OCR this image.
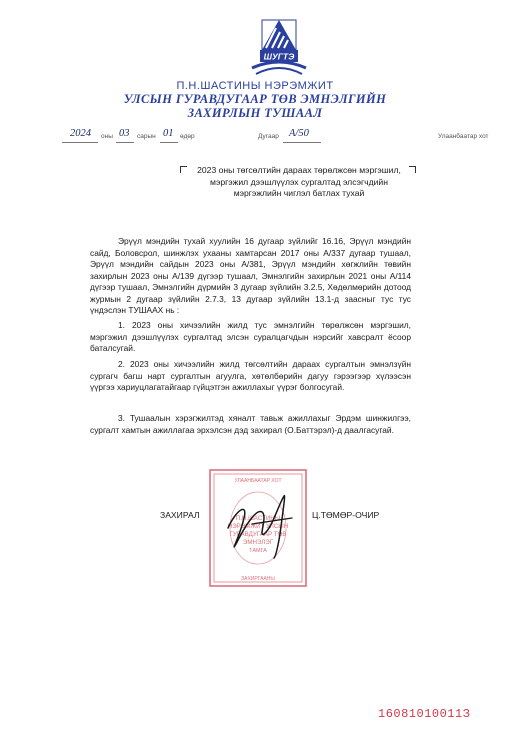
ШУГТЭ
П.Н.ШАСТИНЫ НЭРЭМЖИТ
УЛСЫН ГУРАВДУГААР ТӨВ ЭМНЭЛГИЙН
ЗАХИРЛЫН ТУШААЛ
2024 оны 03 сарын 01 өдөр	Дугаар А/50	Улаанбаатар хот
2023 оны төгсөлтийн дараах төрөлжсөн мэргэшил, мэргэжил дээшлүүлэх сургалтад элсэгчдийн мэргэжлийн чиглэл батлах тухай
Эрүүл мэндийн тухай хуулийн 16 дугаар зүйлийг 16.16, Эрүүл мэндийн сайд, Боловсрол, шинжлэх ухааны хамтарсан 2017 оны А/337 дугаар тушаал, Эрүүл мэндийн сайдын 2023 оны А/381, Эрүүл мэндийн хөгжлийн төвийн захирлын 2023 оны А/139 дүгээр тушаал, Эмнэлгийн захирлын 2021 оны А/114 дүгээр тушаал, Эмнэлгийн дүрмийн 3 дугаар зүйлийн 3.2.5, Хөдөлмөрийн дотоод журмын 2 дугаар зүйлийн 2.7.3, 13 дугаар зүйлийн 13.1-д заасныг тус тус үндэслэн ТУШААХ нь :
1. 2023 оны хичээлийн жилд тус эмнэлгийн төрөлжсөн мэргэшил, мэргэжил дээшлүүлэх сургалтад элсэн суралцагчдын нэрсийг хавсралт ёсоор баталсугай.
2. 2023 оны хичээлийн жилд төгсөлтийн дараах сургалтын эмнэлзүйн сургагч багш нарт сургалтын агуулга, хөтөлбөрийн дагуу гэрээгээр хүлээсэн үүргээ хариуцлагатайгаар гүйцэтгэн ажиллахыг үүрэг болгосугай.
3. Тушаалын хэрэгжилтэд хяналт тавьж ажиллахыг Эрдэм шинжилгээ, сургалт хамтын ажиллагаа эрхэлсэн дэд захирал (О.Баттэрэл)-д даалгасугай.
УЛААНБААТАР ХОТ
П.Н.ШАСТИНЫ
НЭРЭМЖИТ УЛСЫН
ГУРАВДУГААР ТӨВ
ЭМНЭЛЭГ
ТАМГА
ЗАХИРГААНЫ
ЗАХИРАЛ	Ц.ТӨМӨР-ОЧИР
16081010011З
